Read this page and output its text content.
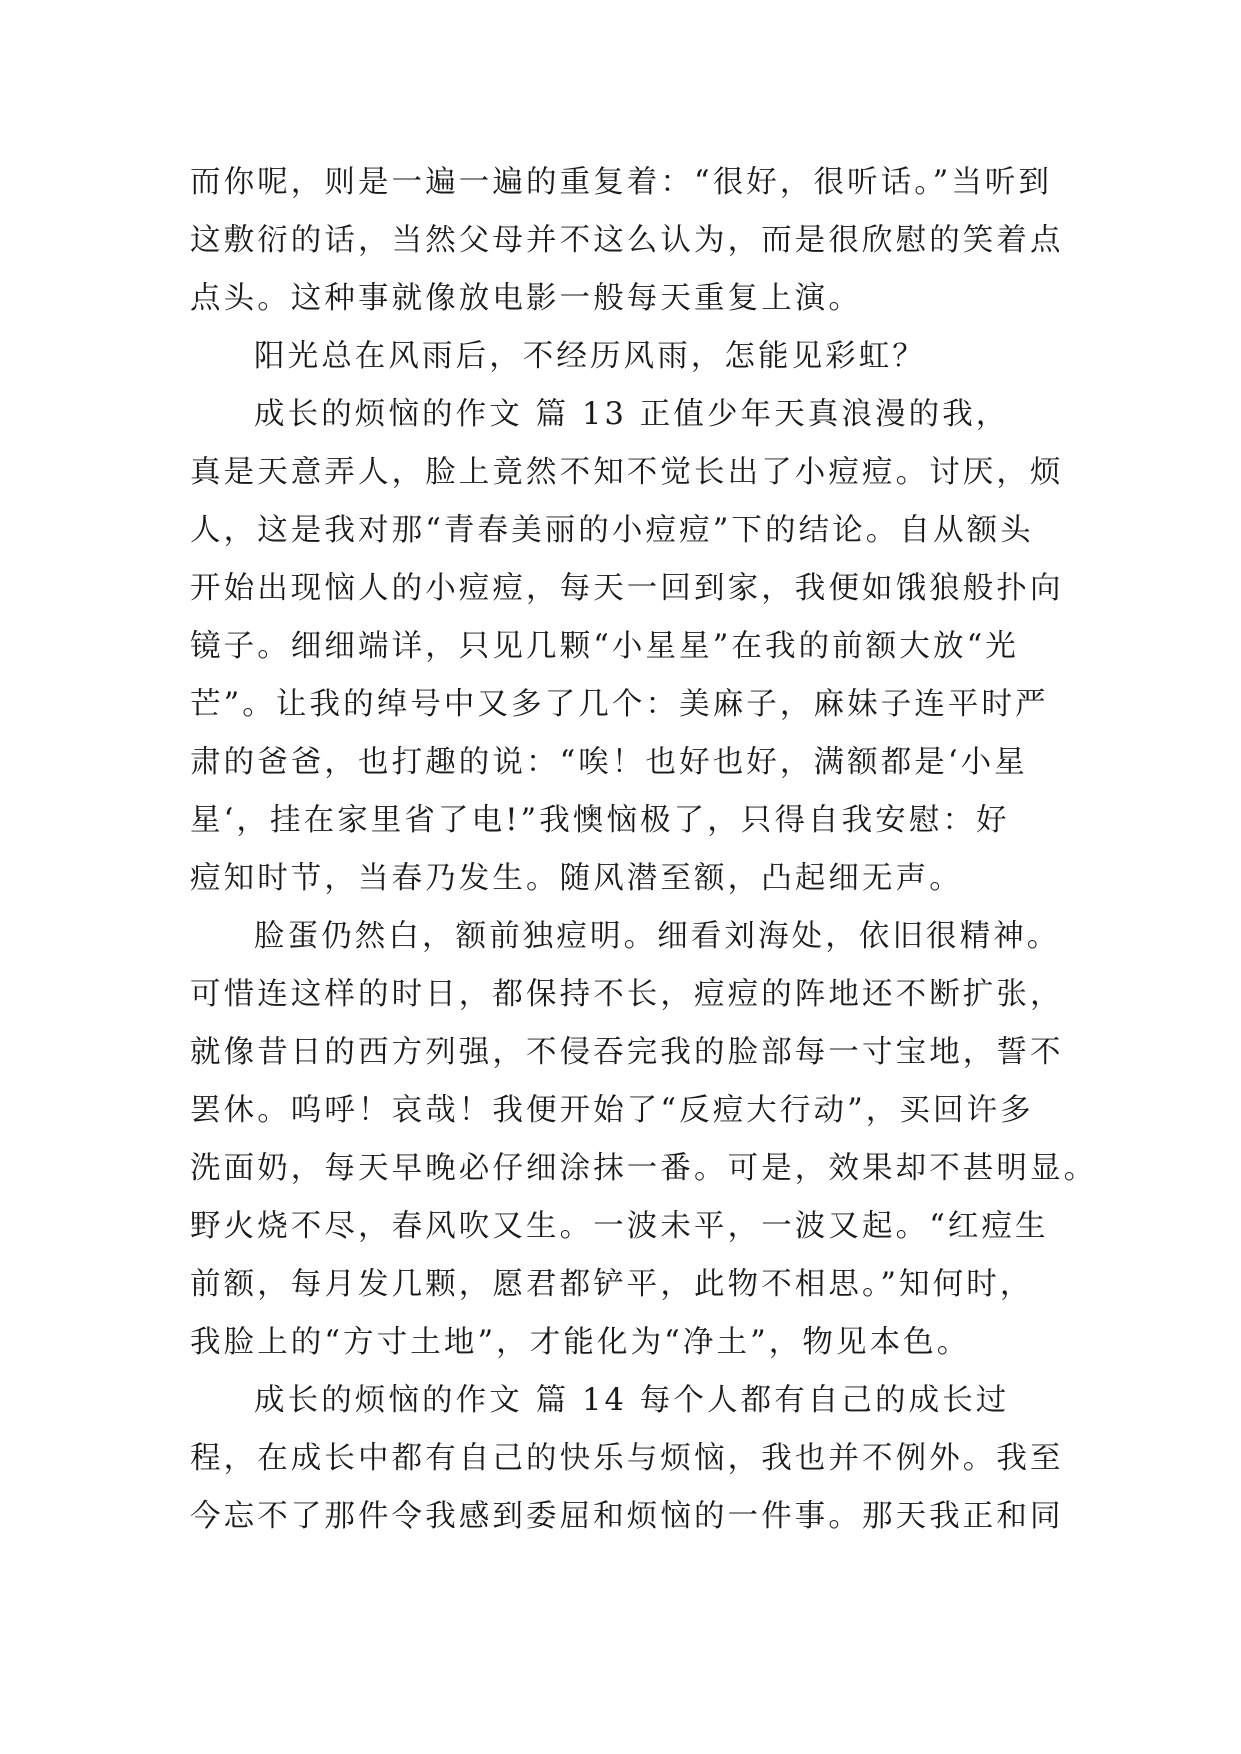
而你呢，则是一遍一遍的重复着：“很好，很听话。”当听到
这敷衍的话，当然父母并不这么认为，而是很欣慰的笑着点
点头。这种事就像放电影一般每天重复上演。
阳光总在风雨后，不经历风雨，怎能见彩虹？
成长的烦恼的作文 篇 13 正值少年天真浪漫的我，
真是天意弄人，脸上竟然不知不觉长出了小痘痘。讨厌，烦
人，这是我对那“青春美丽的小痘痘”下的结论。自从额头
开始出现恼人的小痘痘，每天一回到家，我便如饿狼般扑向
镜子。细细端详，只见几颗“小星星”在我的前额大放“光
芒”。让我的绰号中又多了几个：美麻子，麻妹子连平时严
肃的爸爸，也打趣的说：“唉！也好也好，满额都是‘小星
星‘，挂在家里省了电!”我懊恼极了，只得自我安慰：好
痘知时节，当春乃发生。随风潜至额，凸起细无声。
脸蛋仍然白，额前独痘明。细看刘海处，依旧很精神。
可惜连这样的时日，都保持不长，痘痘的阵地还不断扩张，
就像昔日的西方列强，不侵吞完我的脸部每一寸宝地，誓不
罢休。呜呼！哀哉！我便开始了“反痘大行动”，买回许多
洗面奶，每天早晚必仔细涂抹一番。可是，效果却不甚明显。
野火烧不尽，春风吹又生。一波未平，一波又起。“红痘生
前额，每月发几颗，愿君都铲平，此物不相思。”知何时，
我脸上的“方寸土地”，才能化为“净土”，物见本色。
成长的烦恼的作文 篇 14 每个人都有自己的成长过
程，在成长中都有自己的快乐与烦恼，我也并不例外。我至
今忘不了那件令我感到委屈和烦恼的一件事。那天我正和同
